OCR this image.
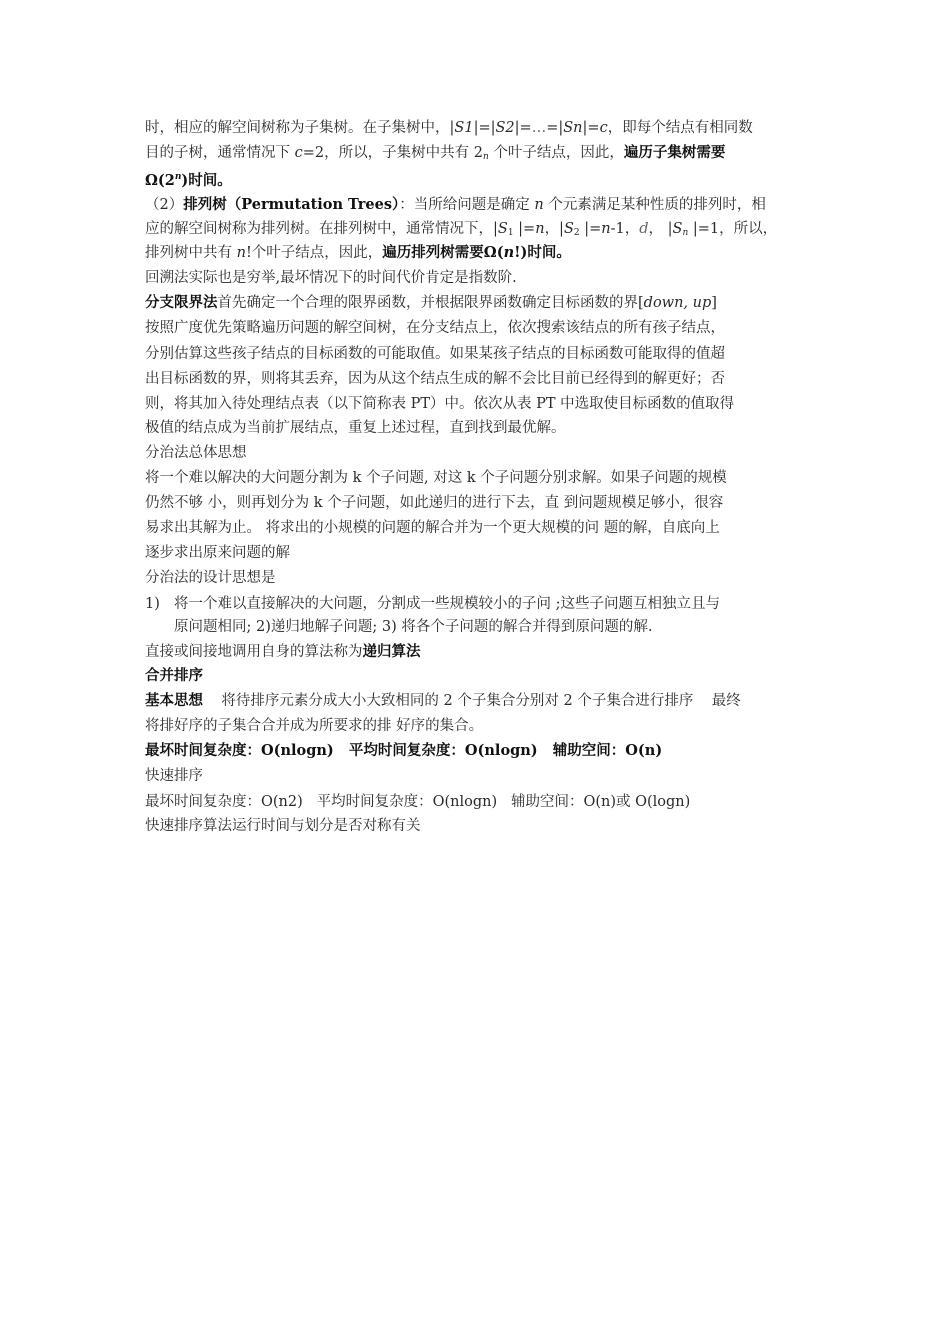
时，相应的解空间树称为子集树。在子集树中，|S1|=|S2|=…=|Sn|=c，即每个结点有相同数
目的子树，通常情况下 c=2，所以，子集树中共有 $2_n$ 个叶子结点，因此，遍历子集树需要
Ω(2$^n$)时间。
（2）排列树（Permutation Trees）：当所给问题是确定 n 个元素满足某种性质的排列时，相
应的解空间树称为排列树。在排列树中，通常情况下，$|S_1$ |=n，$|S_2$ |=n-1，d， $|S_n$ |=1，所以，
排列树中共有 n!个叶子结点，因此，遍历排列树需要Ω(n!)时间。
回溯法实际也是穷举,最坏情况下的时间代价肯定是指数阶.
分支限界法首先确定一个合理的限界函数，并根据限界函数确定目标函数的界[down, up]
按照广度优先策略遍历问题的解空间树，在分支结点上，依次搜索该结点的所有孩子结点，
分别估算这些孩子结点的目标函数的可能取值。如果某孩子结点的目标函数可能取得的值超
出目标函数的界，则将其丢弃，因为从这个结点生成的解不会比目前已经得到的解更好；否
则，将其加入待处理结点表（以下简称表 PT）中。依次从表 PT 中选取使目标函数的值取得
极值的结点成为当前扩展结点，重复上述过程，直到找到最优解。
分治法总体思想
将一个难以解决的大问题分割为 k 个子问题, 对这 k 个子问题分别求解。如果子问题的规模
仍然不够 小，则再划分为 k 个子问题，如此递归的进行下去，直 到问题规模足够小，很容
易求出其解为止。 将求出的小规模的问题的解合并为一个更大规模的问 题的解，自底向上
逐步求出原来问题的解
分治法的设计思想是
1) 将一个难以直接解决的大问题，分割成一些规模较小的子问 ;这些子问题互相独立且与
原问题相同; 2)递归地解子问题; 3) 将各个子问题的解合并得到原问题的解.
直接或间接地调用自身的算法称为递归算法
合并排序
基本思想    将待排序元素分成大小大致相同的 2 个子集合分别对 2 个子集合进行排序    最终
将排好序的子集合合并成为所要求的排 好序的集合。
最坏时间复杂度：O(nlogn)   平均时间复杂度：O(nlogn)   辅助空间：O(n)
快速排序
最坏时间复杂度：O(n2)   平均时间复杂度：O(nlogn)   辅助空间：O(n)或 O(logn)
快速排序算法运行时间与划分是否对称有关
